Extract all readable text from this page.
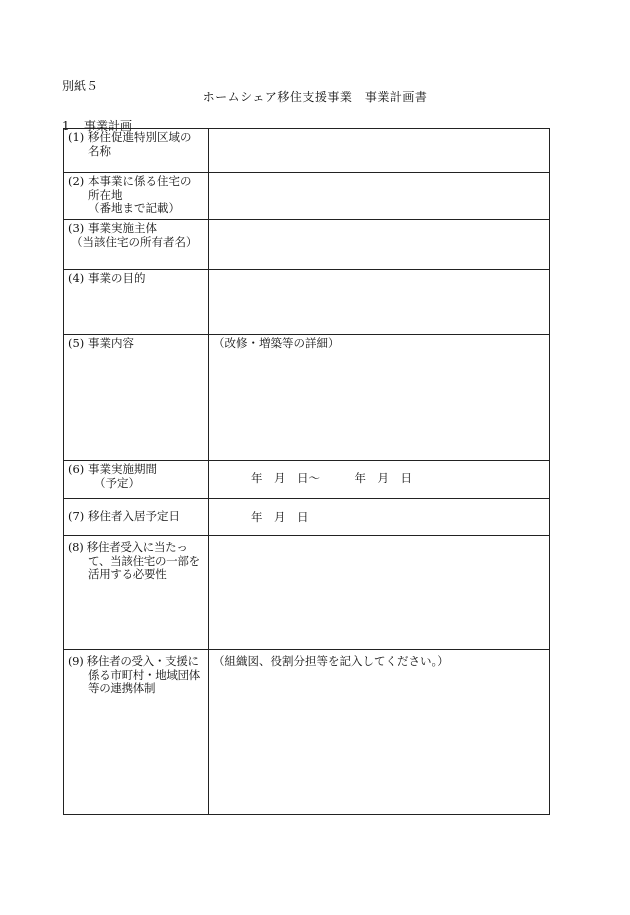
別紙５
ホームシェア移住支援事業　事業計画書
1 事業計画
(1) 移住促進特別区域の
名称	

(2) 本事業に係る住宅の
所在地
（番地まで記載）	

(3) 事業実施主体
（当該住宅の所有者名）	

(4) 事業の目的	

(5) 事業内容	（改修・増築等の詳細）

(6) 事業実施期間
（予定）	年　月　日～　　　年　月　日

(7) 移住者入居予定日	年　月　日

(8) 移住者受入に当たっ
て、当該住宅の一部を
活用する必要性	

(9) 移住者の受入・支援に
係る市町村・地域団体
等の連携体制	（組織図、役割分担等を記入してください。）
